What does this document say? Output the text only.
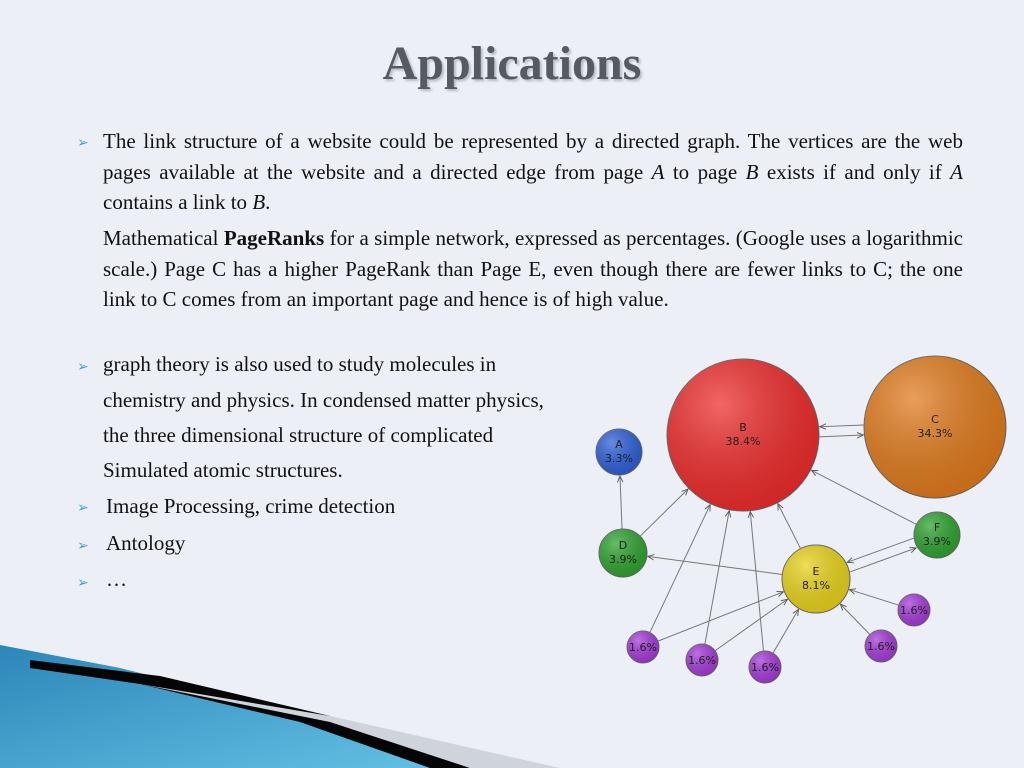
Applications
➢ The link structure of a website could be represented by a directed graph. The vertices are the web pages available at the website and a directed edge from page A to page B exists if and only if A contains a link to B.
Mathematical PageRanks for a simple network, expressed as percentages. (Google uses a logarithmic scale.) Page C has a higher PageRank than Page E, even though there are fewer links to C; the one link to C comes from an important page and hence is of high value.
➢ graph theory is also used to study molecules in
chemistry and physics. In condensed matter physics,
the three dimensional structure of complicated
Simulated atomic structures.
➢ Image Processing, crime detection
➢ Antology
➢ …
A
3.3%
B
38.4%
C
34.3%
D
3.9%
E
8.1%
F
3.9%
1.6%
1.6%
1.6%
1.6%
1.6%
